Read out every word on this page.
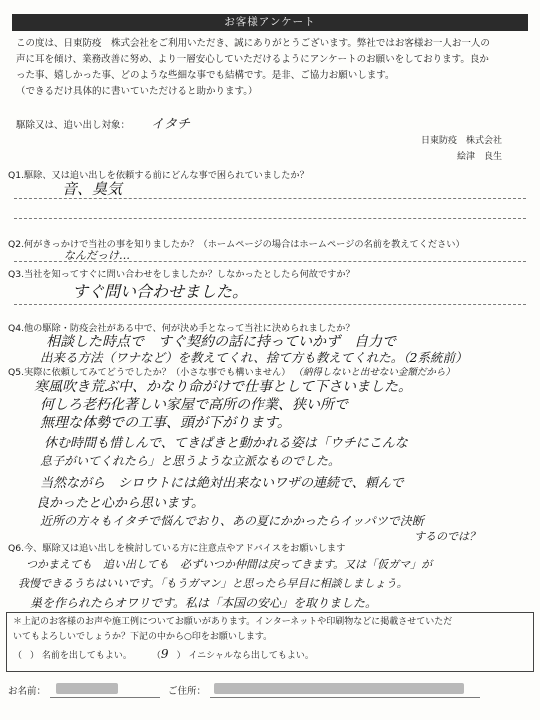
お客様アンケート

この度は、日東防疫　株式会社をご利用いただき、誠にありがとうございます。弊社ではお客様お一人お一人の

声に耳を傾け、業務改善に努め、より一層安心していただけるようにアンケートのお願いをしております。良か

った事、嬉しかった事、どのような些細な事でも結構です。是非、ご協力お願いします。

（できるだけ具体的に書いていただけると助かります。）

駆除又は、追い出し対象： イタチ
日東防疫　株式会社
絵津　良生
Q1.駆除、又は追い出しを依頼する前にどんな事で困られていましたか？
音、臭気
Q2.何がきっかけで当社の事を知りましたか？（ホームページの場合はホームページの名前を教えてください）
なんだっけ…
Q3.当社を知ってすぐに問い合わせをしましたか？しなかったとしたら何故ですか？
すぐ問い合わせました。
Q4.他の駆除・防疫会社がある中で、何が決め手となって当社に決められましたか？
相談した時点で　すぐ契約の話に持っていかず　自力で
出来る方法（ワナなど）を教えてくれ、捨て方も教えてくれた。（2系統前）
Q5.実際に依頼してみてどうでしたか？（小さな事でも構いません） （納得しないと出せない金額だから）
寒風吹き荒ぶ中、かなり命がけで仕事として下さいました。
何しろ老朽化著しい家屋で高所の作業、狭い所で
無理な体勢での工事、頭が下がります。
休む時間も惜しんで、てきぱきと動かれる姿は「ウチにこんな
息子がいてくれたら」と思うような立派なものでした。
当然ながら　シロウトには絶対出来ないワザの連続で、頼んで
良かったと心から思います。
近所の方々もイタチで悩んでおり、あの夏にかかったらイッパツで決断
するのでは？
Q6.今、駆除又は追い出しを検討している方に注意点やアドバイスをお願いします
つかまえても　追い出しても　必ずいつか仲間は戻ってきます。又は「仮ガマ」が
我慢できるうちはいいです。「もうガマン」と思ったら早目に相談しましょう。
巣を作られたらオワリです。私は「本国の安心」を取りました。

＊上記のお客様のお声や施工例についてお願いがあります。インターネットや印刷物などに掲載させていただ

いてもよろしいでしょうか？下記の中から○印をお願いします。

（ ） 名前を出してもよい。 （9 ） イニシャルなら出してもよい。
お名前：	ご住所：
